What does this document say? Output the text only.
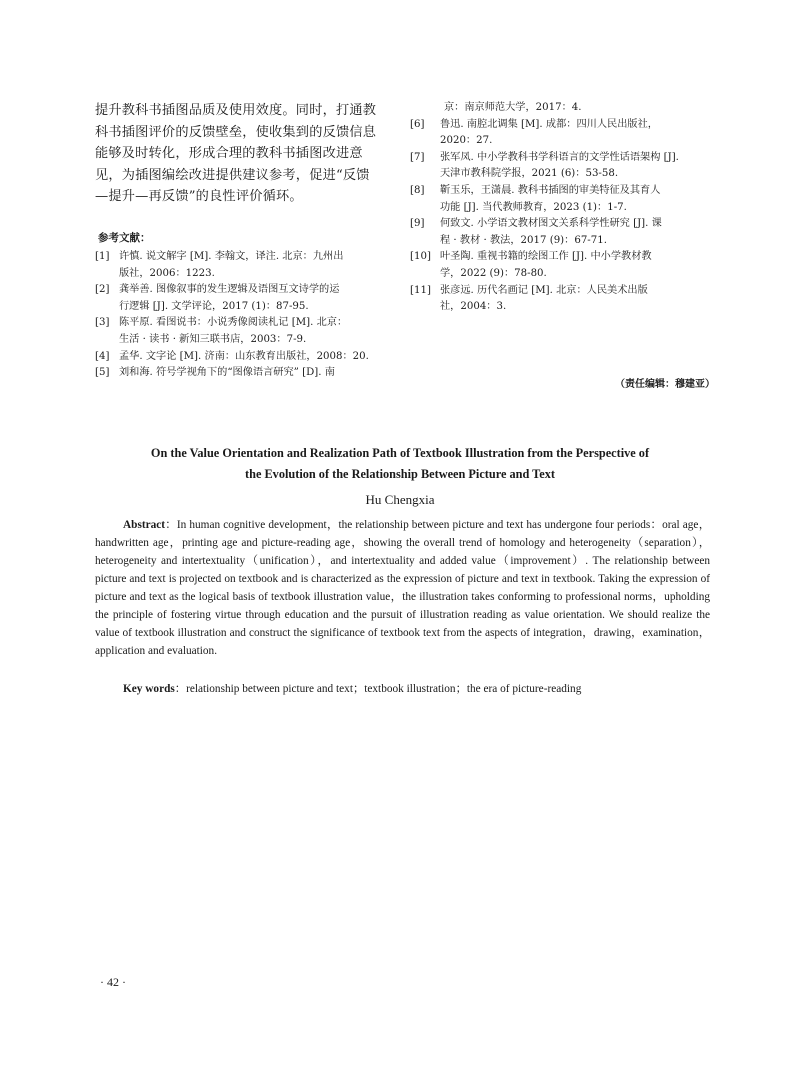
提升教科书插图品质及使用效度。同时，打通教
科书插图评价的反馈壁垒，使收集到的反馈信息
能够及时转化，形成合理的教科书插图改进意
见，为插图编绘改进提供建议参考，促进“反馈
—提升—再反馈”的良性评价循环。

参考文献：
[1] 许慎. 说文解字 [M]. 李翰文，译注. 北京：九州出
版社，2006：1223.
[2] 龚举善. 图像叙事的发生逻辑及语图互文诗学的运
行逻辑 [J]. 文学评论，2017 (1)：87-95.
[3] 陈平原. 看图说书：小说秀像阅读札记 [M]. 北京：
生活 · 读书 · 新知三联书店，2003：7-9.
[4] 孟华. 文字论 [M]. 济南：山东教育出版社，2008：20.
[5] 刘和海. 符号学视角下的“图像语言研究” [D]. 南

京：南京师范大学，2017：4.

[6]	鲁迅. 南腔北调集 [M]. 成都：四川人民出版社，
2020：27.
[7]	张军凤. 中小学教科书学科语言的文学性话语架构 [J].
天津市教科院学报，2021 (6)：53-58.
[8]	靳玉乐，王潇晨. 教科书插图的审美特征及其育人
功能 [J]. 当代教师教育，2023 (1)：1-7.
[9]	何致文. 小学语文教材图文关系科学性研究 [J]. 课
程 · 教材 · 教法，2017 (9)：67-71.
[10] 叶圣陶. 重视书籍的绘图工作 [J]. 中小学教材教
学，2022 (9)：78-80.
[11] 张彦远. 历代名画记 [M]. 北京：人民美术出版
社，2004：3.
（责任编辑：穆建亚）
On the Value Orientation and Realization Path of Textbook Illustration from the Perspective of
the Evolution of the Relationship Between Picture and Text
Hu Chengxia

Abstract：In human cognitive development，the relationship between picture and text has undergone four periods：oral age，handwritten age，printing age and picture-reading age，showing the overall trend of homology and heterogeneity（separation），heterogeneity and intertextuality（unification），and intertextuality and added value（improvement）. The relationship between picture and text is projected on textbook and is characterized as the expression of picture and text in textbook. Taking the expression of picture and text as the logical basis of textbook illustration value，the illustration takes conforming to professional norms，upholding the principle of fostering virtue through education and the pursuit of illustration reading as value orientation. We should realize the value of textbook illustration and construct the significance of textbook text from the aspects of integration，drawing，examination，application and evaluation.

Key words：relationship between picture and text；textbook illustration；the era of picture-reading

· 42 ·
